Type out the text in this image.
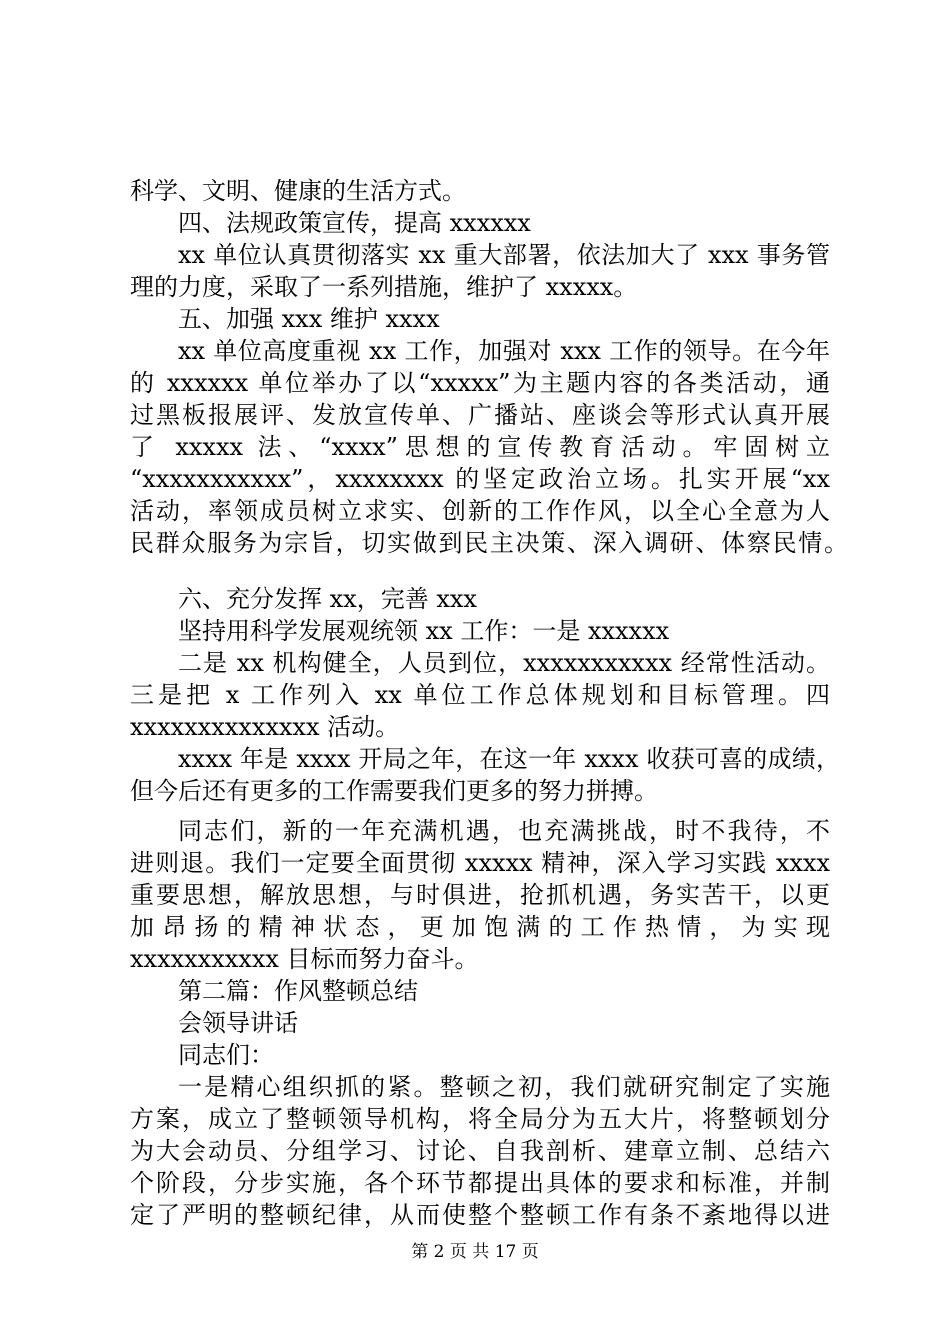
科学、文明、健康的生活方式。
四、法规政策宣传，提高 xxxxxx
xx 单位认真贯彻落实 xx 重大部署，依法加大了 xxx 事务管
理的力度，采取了一系列措施，维护了 xxxxx。
五、加强 xxx 维护 xxxx
xx 单位高度重视 xx 工作，加强对 xxx 工作的领导。在今年
的 xxxxxx 单位举办了以“xxxxx”为主题内容的各类活动，通
过黑板报展评、发放宣传单、广播站、座谈会等形式认真开展
了 xxxxx 法、“xxxx”思想的宣传教育活动。牢固树立
“xxxxxxxxxxx”，xxxxxxxx 的坚定政治立场。扎实开展“xx
活动，率领成员树立求实、创新的工作作风，以全心全意为人
民群众服务为宗旨，切实做到民主决策、深入调研、体察民情。
六、充分发挥 xx，完善 xxx
坚持用科学发展观统领 xx 工作：一是 xxxxxx
二是 xx 机构健全，人员到位，xxxxxxxxxxx 经常性活动。
三是把 x 工作列入 xx 单位工作总体规划和目标管理。四
xxxxxxxxxxxxxx 活动。
xxxx 年是 xxxx 开局之年，在这一年 xxxx 收获可喜的成绩，
但今后还有更多的工作需要我们更多的努力拼搏。
同志们，新的一年充满机遇，也充满挑战，时不我待，不
进则退。我们一定要全面贯彻 xxxxx 精神，深入学习实践 xxxx
重要思想，解放思想，与时俱进，抢抓机遇，务实苦干，以更
加昂扬的精神状态，更加饱满的工作热情，为实现
xxxxxxxxxxx 目标而努力奋斗。
第二篇：作风整顿总结
会领导讲话
同志们：
一是精心组织抓的紧。整顿之初，我们就研究制定了实施
方案，成立了整顿领导机构，将全局分为五大片，将整顿划分
为大会动员、分组学习、讨论、自我剖析、建章立制、总结六
个阶段，分步实施，各个环节都提出具体的要求和标准，并制
定了严明的整顿纪律，从而使整个整顿工作有条不紊地得以进
第 2 页 共 17 页
